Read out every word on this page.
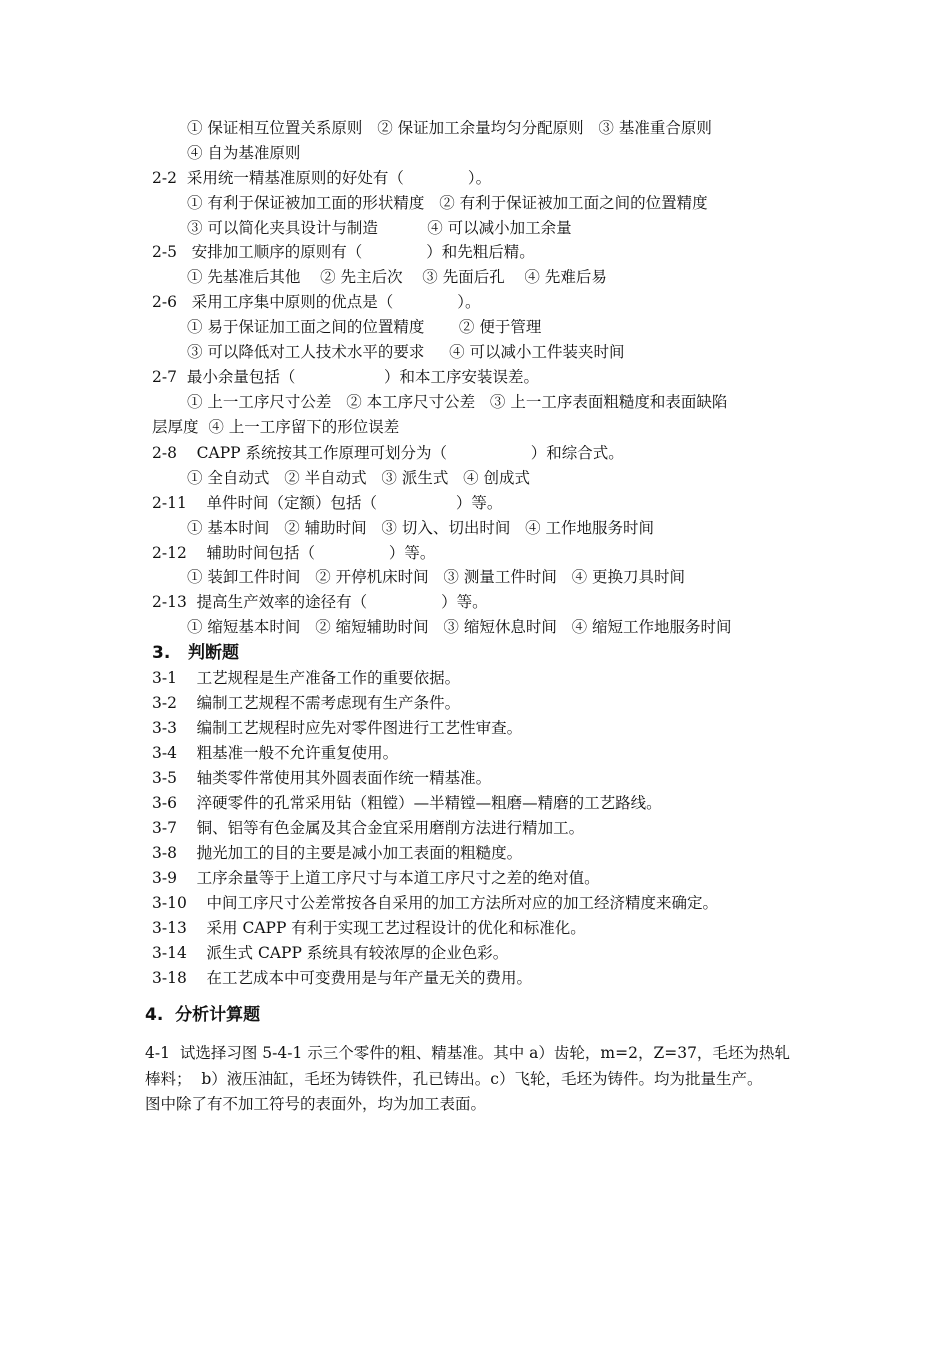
① 保证相互位置关系原则   ② 保证加工余量均匀分配原则   ③ 基准重合原则
④ 自为基准原则
2-2  采用统一精基准原则的好处有（             ）。
① 有利于保证被加工面的形状精度   ② 有利于保证被加工面之间的位置精度
③ 可以简化夹具设计与制造          ④ 可以减小加工余量
2-5   安排加工顺序的原则有（             ）和先粗后精。
① 先基准后其他    ② 先主后次    ③ 先面后孔    ④ 先难后易
2-6   采用工序集中原则的优点是（             ）。
① 易于保证加工面之间的位置精度       ② 便于管理
③ 可以降低对工人技术水平的要求     ④ 可以减小工件装夹时间
2-7  最小余量包括（                  ）和本工序安装误差。
① 上一工序尺寸公差   ② 本工序尺寸公差   ③ 上一工序表面粗糙度和表面缺陷
层厚度  ④ 上一工序留下的形位误差
2-8    CAPP 系统按其工作原理可划分为（                 ）和综合式。
① 全自动式   ② 半自动式   ③ 派生式   ④ 创成式
2-11    单件时间（定额）包括（                ）等。
① 基本时间   ② 辅助时间   ③ 切入、切出时间   ④ 工作地服务时间
2-12    辅助时间包括（               ）等。
① 装卸工件时间   ② 开停机床时间   ③ 测量工件时间   ④ 更换刀具时间
2-13  提高生产效率的途径有（               ）等。
① 缩短基本时间   ② 缩短辅助时间   ③ 缩短休息时间   ④ 缩短工作地服务时间
3.   判断题
3-1    工艺规程是生产准备工作的重要依据。
3-2    编制工艺规程不需考虑现有生产条件。
3-3    编制工艺规程时应先对零件图进行工艺性审查。
3-4    粗基准一般不允许重复使用。
3-5    轴类零件常使用其外圆表面作统一精基准。
3-6    淬硬零件的孔常采用钻（粗镗）—半精镗—粗磨—精磨的工艺路线。
3-7    铜、铝等有色金属及其合金宜采用磨削方法进行精加工。
3-8    抛光加工的目的主要是减小加工表面的粗糙度。
3-9    工序余量等于上道工序尺寸与本道工序尺寸之差的绝对值。
3-10    中间工序尺寸公差常按各自采用的加工方法所对应的加工经济精度来确定。
3-13    采用 CAPP 有利于实现工艺过程设计的优化和标准化。
3-14    派生式 CAPP 系统具有较浓厚的企业色彩。
3-18    在工艺成本中可变费用是与年产量无关的费用。
4.  分析计算题
4-1  试选择习图 5-4-1 示三个零件的粗、精基准。其中 a）齿轮，m=2，Z=37，毛坯为热轧
棒料；  b）液压油缸，毛坯为铸铁件，孔已铸出。c）飞轮，毛坯为铸件。均为批量生产。
图中除了有不加工符号的表面外，均为加工表面。
